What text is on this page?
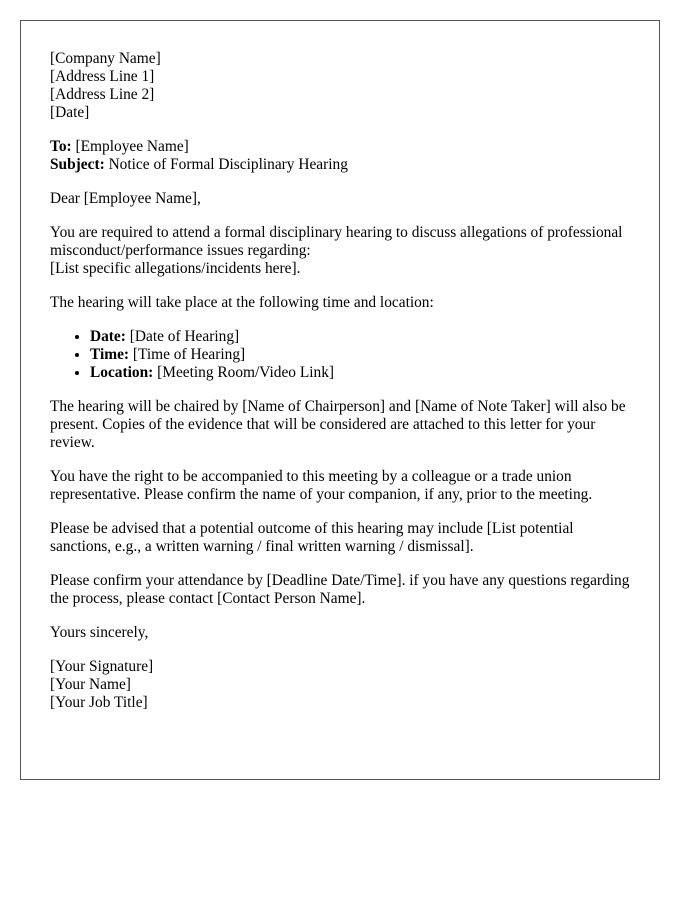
[Company Name]
[Address Line 1]
[Address Line 2]
[Date]
To: [Employee Name]
Subject: Notice of Formal Disciplinary Hearing
Dear [Employee Name],
You are required to attend a formal disciplinary hearing to discuss allegations of professional misconduct/performance issues regarding:
[List specific allegations/incidents here].
The hearing will take place at the following time and location:
• Date: [Date of Hearing]
• Time: [Time of Hearing]
• Location: [Meeting Room/Video Link]
The hearing will be chaired by [Name of Chairperson] and [Name of Note Taker] will also be present. Copies of the evidence that will be considered are attached to this letter for your review.
You have the right to be accompanied to this meeting by a colleague or a trade union representative. Please confirm the name of your companion, if any, prior to the meeting.
Please be advised that a potential outcome of this hearing may include [List potential sanctions, e.g., a written warning / final written warning / dismissal].
Please confirm your attendance by [Deadline Date/Time]. if you have any questions regarding the process, please contact [Contact Person Name].
Yours sincerely,
[Your Signature]
[Your Name]
[Your Job Title]
